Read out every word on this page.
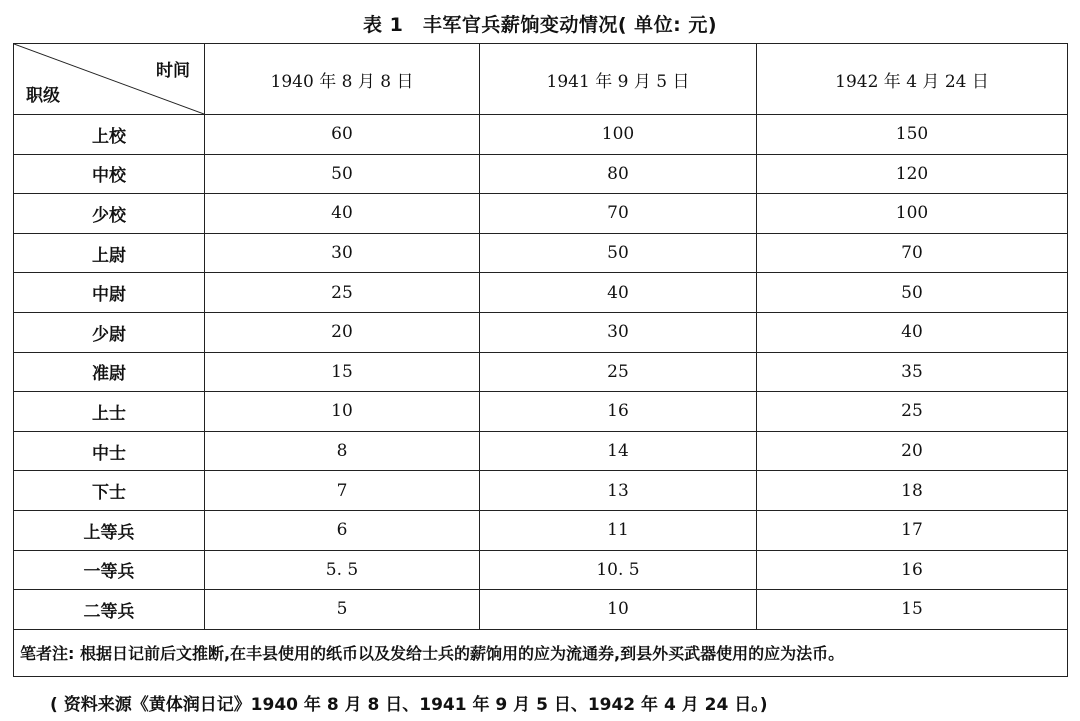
表 1　丰军官兵薪饷变动情况( 单位: 元)
时间
职级	1940 年 8 月 8 日	1941 年 9 月 5 日	1942 年 4 月 24 日
上校	60	100	150
中校	50	80	120
少校	40	70	100
上尉	30	50	70
中尉	25	40	50
少尉	20	30	40
准尉	15	25	35
上士	10	16	25
中士	8	14	20
下士	7	13	18
上等兵	6	11	17
一等兵	5. 5	10. 5	16
二等兵	5	10	15
笔者注: 根据日记前后文推断,在丰县使用的纸币以及发给士兵的薪饷用的应为流通券,到县外买武器使用的应为法币。			
( 资料来源《黄体润日记》1940 年 8 月 8 日、1941 年 9 月 5 日、1942 年 4 月 24 日。)
